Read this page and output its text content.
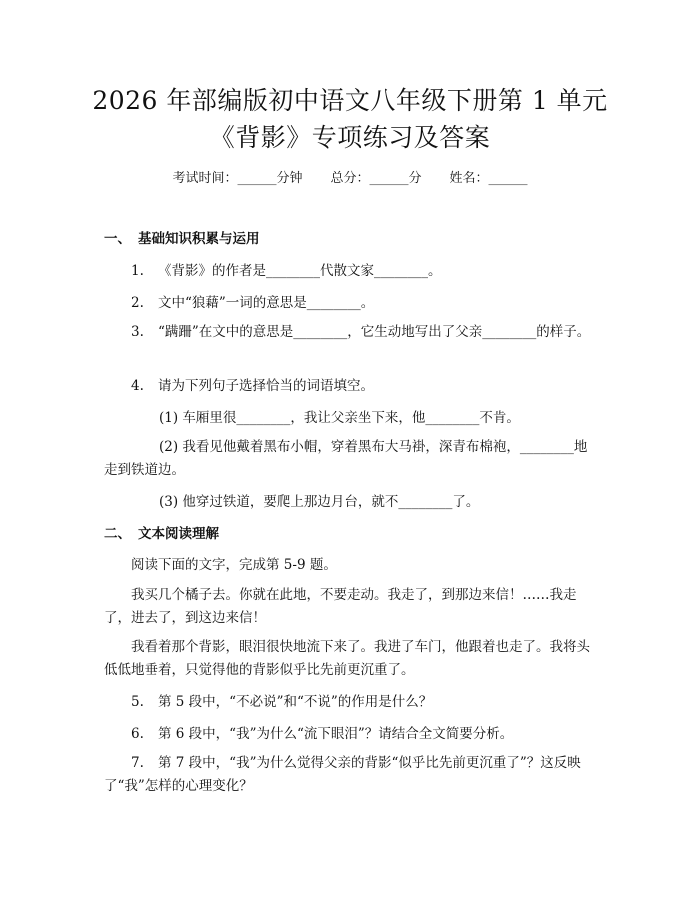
2026 年部编版初中语文八年级下册第 1 单元
《背影》专项练习及答案
考试时间：______分钟 总分：______分 姓名：______
一、 基础知识积累与运用
1. 《背影》的作者是________代散文家________。
2. 文中“狼藉”一词的意思是________。
3. “蹒跚”在文中的意思是________，它生动地写出了父亲________的样子。
4. 请为下列句子选择恰当的词语填空。
(1) 车厢里很________，我让父亲坐下来，他________不肯。
(2) 我看见他戴着黑布小帽，穿着黑布大马褂，深青布棉袍，________地走到铁道边。
(3) 他穿过铁道，要爬上那边月台，就不________了。
二、 文本阅读理解
阅读下面的文字，完成第 5-9 题。
我买几个橘子去。你就在此地，不要走动。我走了，到那边来信！……我走了，进去了，到这边来信！
我看着那个背影，眼泪很快地流下来了。我进了车门，他跟着也走了。我将头低低地垂着，只觉得他的背影似乎比先前更沉重了。
5. 第 5 段中，“不必说”和“不说”的作用是什么？
6. 第 6 段中，“我”为什么“流下眼泪”？请结合全文简要分析。
7. 第 7 段中，“我”为什么觉得父亲的背影“似乎比先前更沉重了”？这反映了“我”怎样的心理变化？
